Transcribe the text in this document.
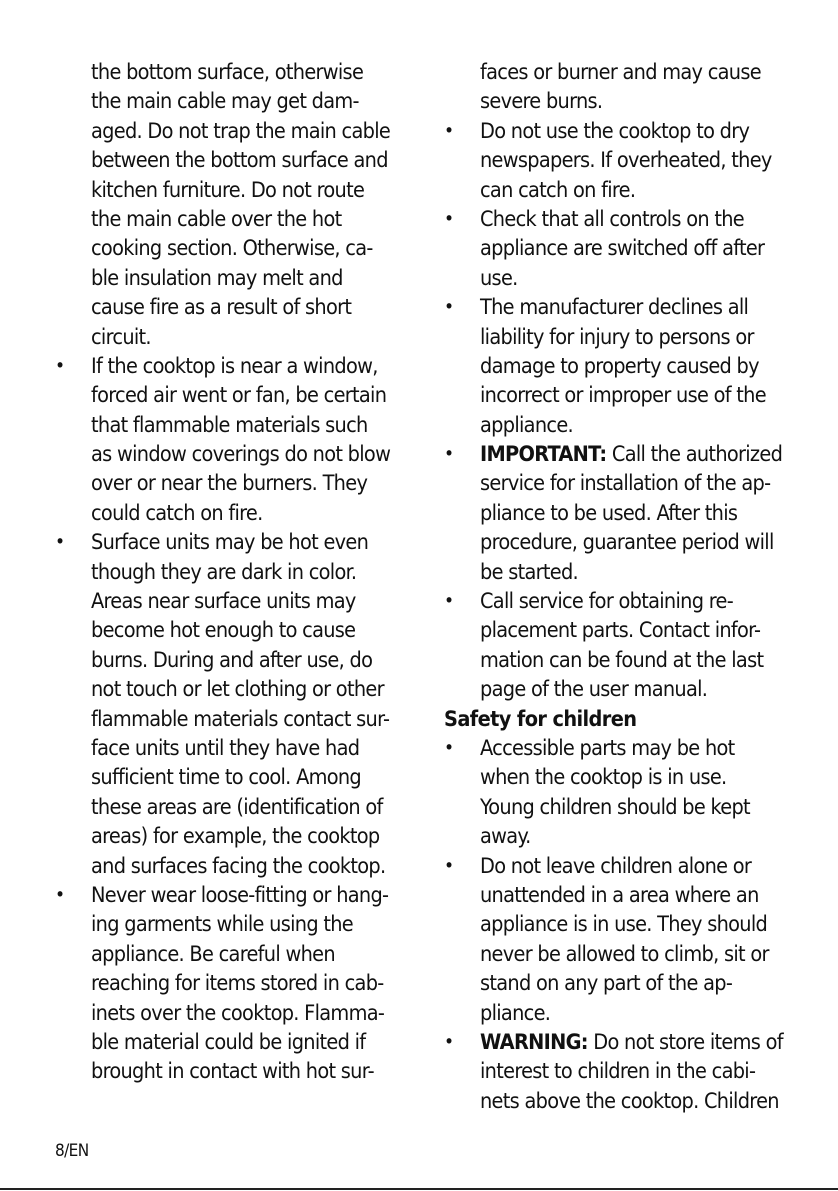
the bottom surface, otherwise
the main cable may get dam-
aged. Do not trap the main cable
between the bottom surface and
kitchen furniture. Do not route
the main cable over the hot
cooking section. Otherwise, ca-
ble insulation may melt and
cause fire as a result of short
circuit.
• If the cooktop is near a window,
forced air went or fan, be certain
that flammable materials such
as window coverings do not blow
over or near the burners. They
could catch on fire.
• Surface units may be hot even
though they are dark in color.
Areas near surface units may
become hot enough to cause
burns. During and after use, do
not touch or let clothing or other
flammable materials contact sur-
face units until they have had
sufficient time to cool. Among
these areas are (identification of
areas) for example, the cooktop
and surfaces facing the cooktop.
• Never wear loose-fitting or hang-
ing garments while using the
appliance. Be careful when
reaching for items stored in cab-
inets over the cooktop. Flamma-
ble material could be ignited if
brought in contact with hot sur-
faces or burner and may cause
severe burns.
• Do not use the cooktop to dry
newspapers. If overheated, they
can catch on fire.
• Check that all controls on the
appliance are switched off after
use.
• The manufacturer declines all
liability for injury to persons or
damage to property caused by
incorrect or improper use of the
appliance.
• IMPORTANT: Call the authorized
service for installation of the ap-
pliance to be used. After this
procedure, guarantee period will
be started.
• Call service for obtaining re-
placement parts. Contact infor-
mation can be found at the last
page of the user manual.
Safety for children
• Accessible parts may be hot
when the cooktop is in use.
Young children should be kept
away.
• Do not leave children alone or
unattended in a area where an
appliance is in use. They should
never be allowed to climb, sit or
stand on any part of the ap-
pliance.
• WARNING: Do not store items of
interest to children in the cabi-
nets above the cooktop. Children
8/EN
